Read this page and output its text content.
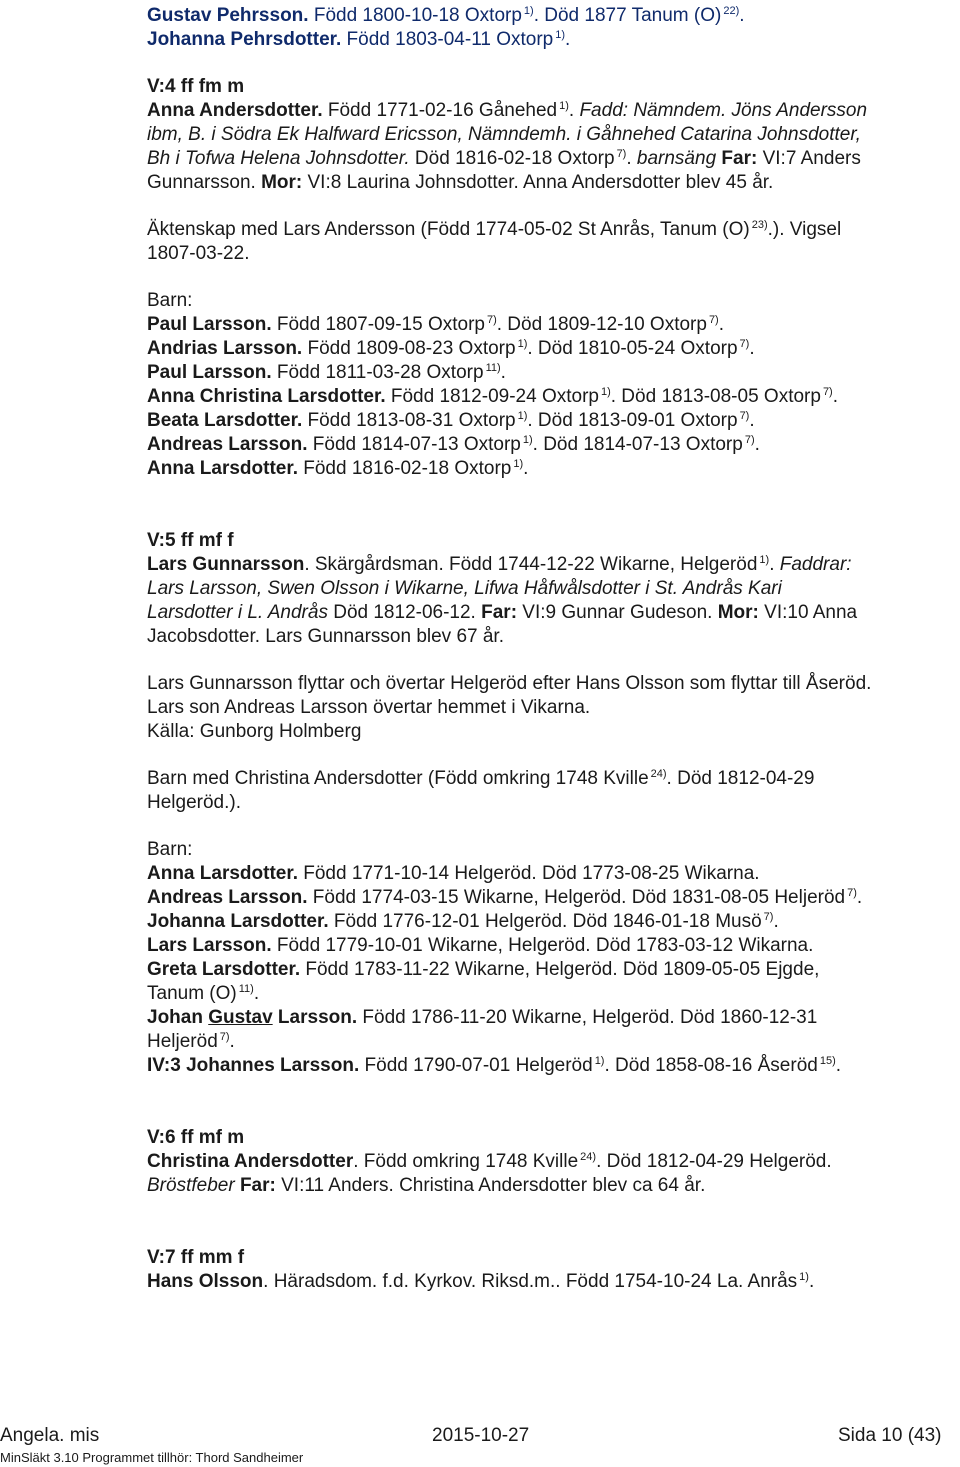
Angela. mis	2015-10-27	Sida 10 (43)
MinSläkt 3.10 Programmet tillhör: Thord Sandheimer
Gustav Pehrsson. Född 1800-10-18 Oxtorp $^{1)}$. Död 1877 Tanum (O) $^{22)}$.
Johanna Pehrsdotter. Född 1803-04-11 Oxtorp $^{1)}$.
V:4 ff fm m
Anna Andersdotter. Född 1771-02-16 Gånehed $^{1)}$. Fadd: Nämndem. Jöns Andersson
ibm, B. i Södra Ek Halfward Ericsson, Nämndemh. i Gåhnehed Catarina Johnsdotter,
Bh i Tofwa Helena Johnsdotter. Död 1816-02-18 Oxtorp $^{7)}$. barnsäng Far: VI:7 Anders
Gunnarsson. Mor: VI:8 Laurina Johnsdotter. Anna Andersdotter blev 45 år.
Äktenskap med Lars Andersson (Född 1774-05-02 St Anrås, Tanum (O) $^{23)}$.). Vigsel
1807-03-22.
Barn:
Paul Larsson. Född 1807-09-15 Oxtorp $^{7)}$. Död 1809-12-10 Oxtorp $^{7)}$.
Andrias Larsson. Född 1809-08-23 Oxtorp $^{1)}$. Död 1810-05-24 Oxtorp $^{7)}$.
Paul Larsson. Född 1811-03-28 Oxtorp $^{11)}$.
Anna Christina Larsdotter. Född 1812-09-24 Oxtorp $^{1)}$. Död 1813-08-05 Oxtorp $^{7)}$.
Beata Larsdotter. Född 1813-08-31 Oxtorp $^{1)}$. Död 1813-09-01 Oxtorp $^{7)}$.
Andreas Larsson. Född 1814-07-13 Oxtorp $^{1)}$. Död 1814-07-13 Oxtorp $^{7)}$.
Anna Larsdotter. Född 1816-02-18 Oxtorp $^{1)}$.
V:5 ff mf f
Lars Gunnarsson. Skärgårdsman. Född 1744-12-22 Wikarne, Helgeröd $^{1)}$. Faddrar:
Lars Larsson, Swen Olsson i Wikarne, Lifwa Håfwålsdotter i St. Andrås Kari
Larsdotter i L. Andrås Död 1812-06-12. Far: VI:9 Gunnar Gudeson. Mor: VI:10 Anna
Jacobsdotter. Lars Gunnarsson blev 67 år.
Lars Gunnarsson flyttar och övertar Helgeröd efter Hans Olsson som flyttar till Åseröd.
Lars son Andreas Larsson övertar hemmet i Vikarna.
Källa: Gunborg Holmberg
Barn med Christina Andersdotter (Född omkring 1748 Kville $^{24)}$. Död 1812-04-29
Helgeröd.).
Barn:
Anna Larsdotter. Född 1771-10-14 Helgeröd. Död 1773-08-25 Wikarna.
Andreas Larsson. Född 1774-03-15 Wikarne, Helgeröd. Död 1831-08-05 Heljeröd $^{7)}$.
Johanna Larsdotter. Född 1776-12-01 Helgeröd. Död 1846-01-18 Musö $^{7)}$.
Lars Larsson. Född 1779-10-01 Wikarne, Helgeröd. Död 1783-03-12 Wikarna.
Greta Larsdotter. Född 1783-11-22 Wikarne, Helgeröd. Död 1809-05-05 Ejgde,
Tanum (O) $^{11)}$.
Johan Gustav Larsson. Född 1786-11-20 Wikarne, Helgeröd. Död 1860-12-31
Heljeröd $^{7)}$.
IV:3 Johannes Larsson. Född 1790-07-01 Helgeröd $^{1)}$. Död 1858-08-16 Åseröd $^{15)}$.
V:6 ff mf m
Christina Andersdotter. Född omkring 1748 Kville $^{24)}$. Död 1812-04-29 Helgeröd.
Bröstfeber Far: VI:11 Anders. Christina Andersdotter blev ca 64 år.
V:7 ff mm f
Hans Olsson. Häradsdom. f.d. Kyrkov. Riksd.m.. Född 1754-10-24 La. Anrås $^{1)}$.
